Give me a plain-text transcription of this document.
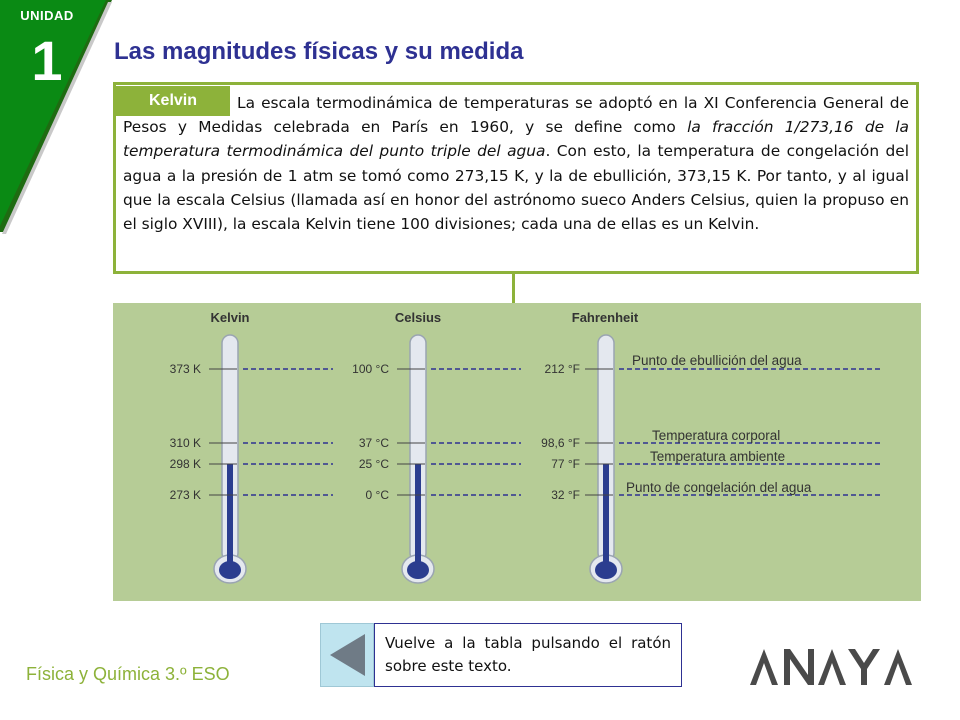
UNIDAD
1	Las magnitudes físicas y su medida

La escala termodinámica de temperaturas se adoptó en la XI Conferencia General de Pesos y Medidas celebrada en París en 1960, y se define como la fracción 1/273,16 de la temperatura termodinámica del punto triple del agua. Con esto, la temperatura de congelación del agua a la presión de 1 atm se tomó como 273,15 K, y la de ebullición, 373,15 K. Por tanto, y al igual que la escala Celsius (llamada así en honor del astrónomo sueco Anders Celsius, quien la propuso en el siglo XVIII), la escala Kelvin tiene 100 divisiones; cada una de ellas es un Kelvin.

Kelvin
Kelvin	Celsius	Fahrenheit
373 K
310 K
298 K
273 K
100 °C
37 °C
25 °C
0 °C
212 °F
98,6 °F
77 °F
32 °F
Punto de ebullición del agua
Temperatura corporal
Temperatura ambiente
Punto de congelación del agua
Vuelve a la tabla pulsando el ratón sobre este texto.
Física y Química 3.º ESO
